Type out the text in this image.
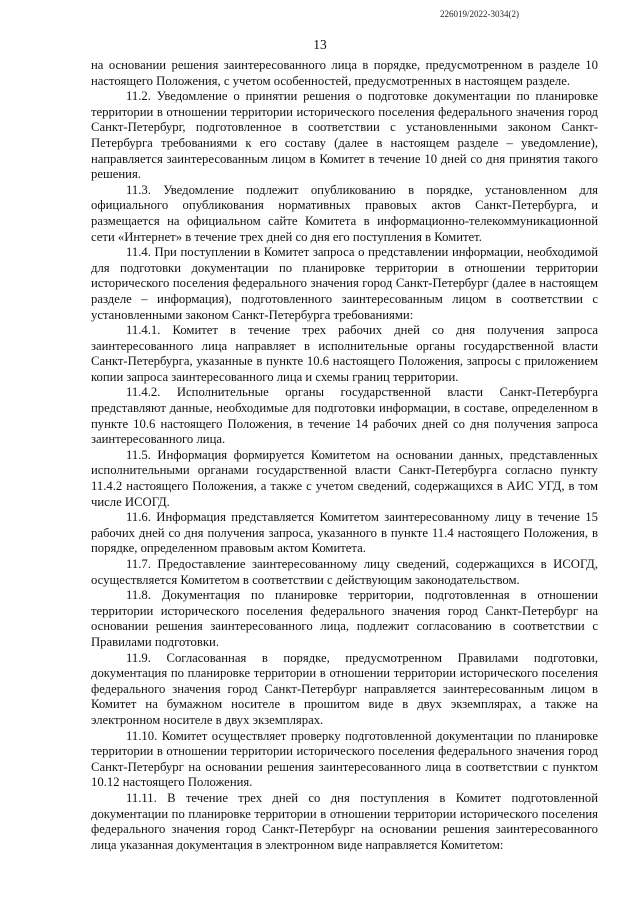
226019/2022-3034(2)
13

на основании решения заинтересованного лица в порядке, предусмотренном в разделе 10 настоящего Положения, с учетом особенностей, предусмотренных в настоящем разделе.

11.2. Уведомление о принятии решения о подготовке документации по планировке территории в отношении территории исторического поселения федерального значения город Санкт-Петербург, подготовленное в соответствии с установленными законом Санкт-Петербурга требованиями к его составу (далее в настоящем разделе – уведомление), направляется заинтересованным лицом в Комитет в течение 10 дней со дня принятия такого решения.

11.3. Уведомление подлежит опубликованию в порядке, установленном для официального опубликования нормативных правовых актов Санкт-Петербурга, и размещается на официальном сайте Комитета в информационно-телекоммуникационной сети «Интернет» в течение трех дней со дня его поступления в Комитет.

11.4. При поступлении в Комитет запроса о представлении информации, необходимой для подготовки документации по планировке территории в отношении территории исторического поселения федерального значения город Санкт-Петербург (далее в настоящем разделе – информация), подготовленного заинтересованным лицом в соответствии с установленными законом Санкт-Петербурга требованиями:

11.4.1. Комитет в течение трех рабочих дней со дня получения запроса заинтересованного лица направляет в исполнительные органы государственной власти Санкт-Петербурга, указанные в пункте 10.6 настоящего Положения, запросы с приложением копии запроса заинтересованного лица и схемы границ территории.

11.4.2. Исполнительные органы государственной власти Санкт-Петербурга представляют данные, необходимые для подготовки информации, в составе, определенном в пункте 10.6 настоящего Положения, в течение 14 рабочих дней со дня получения запроса заинтересованного лица.

11.5. Информация формируется Комитетом на основании данных, представленных исполнительными органами государственной власти Санкт-Петербурга согласно пункту 11.4.2 настоящего Положения, а также с учетом сведений, содержащихся в АИС УГД, в том числе ИСОГД.

11.6. Информация представляется Комитетом заинтересованному лицу в течение 15 рабочих дней со дня получения запроса, указанного в пункте 11.4 настоящего Положения, в порядке, определенном правовым актом Комитета.

11.7. Предоставление заинтересованному лицу сведений, содержащихся в ИСОГД, осуществляется Комитетом в соответствии с действующим законодательством.

11.8. Документация по планировке территории, подготовленная в отношении территории исторического поселения федерального значения город Санкт-Петербург на основании решения заинтересованного лица, подлежит согласованию в соответствии с Правилами подготовки.

11.9. Согласованная в порядке, предусмотренном Правилами подготовки, документация по планировке территории в отношении территории исторического поселения федерального значения город Санкт-Петербург направляется заинтересованным лицом в Комитет на бумажном носителе в прошитом виде в двух экземплярах, а также на электронном носителе в двух экземплярах.

11.10. Комитет осуществляет проверку подготовленной документации по планировке территории в отношении территории исторического поселения федерального значения город Санкт-Петербург на основании решения заинтересованного лица в соответствии с пунктом 10.12 настоящего Положения.

11.11. В течение трех дней со дня поступления в Комитет подготовленной документации по планировке территории в отношении территории исторического поселения федерального значения город Санкт-Петербург на основании решения заинтересованного лица указанная документация в электронном виде направляется Комитетом:
